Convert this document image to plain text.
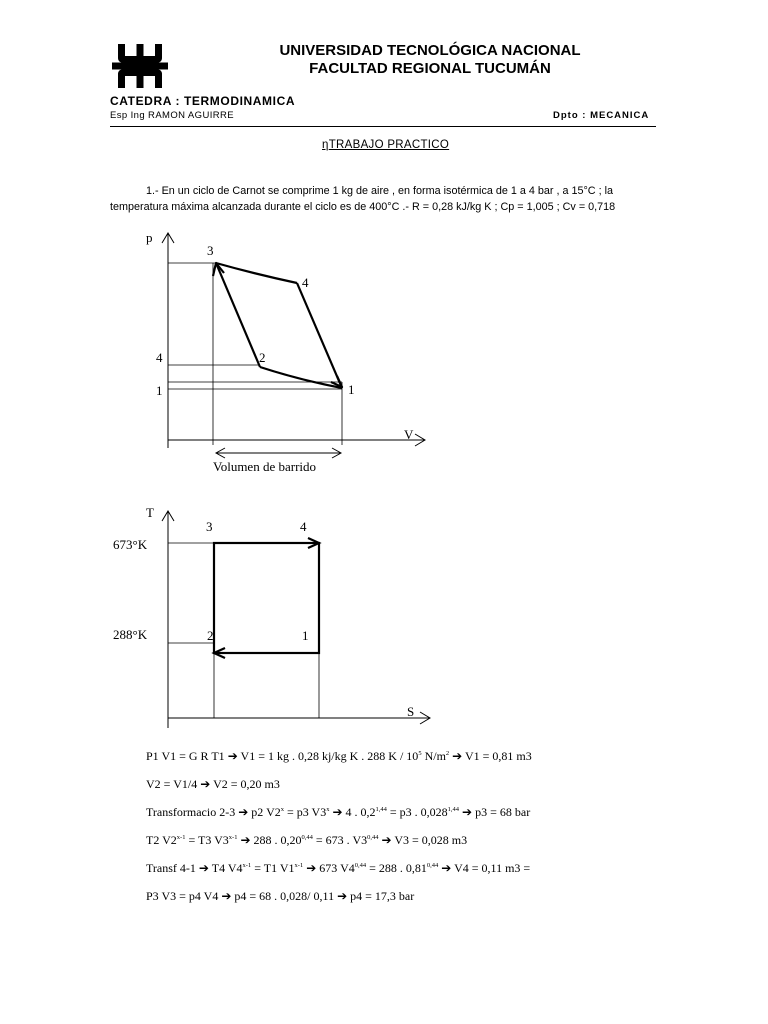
UNIVERSIDAD TECNOLÓGICA NACIONAL
FACULTAD REGIONAL TUCUMÁN
CATEDRA : TERMODINAMICA
Esp Ing RAMON AGUIRRE	Dpto : MECANICA
ηTRABAJO PRACTICO
1.- En un ciclo de Carnot se comprime 1 kg de aire , en forma isotérmica de 1 a 4 bar , a 15°C ; la
temperatura máxima alcanzada durante el ciclo es de 400°C .- R = 0,28 kJ/kg K ; Cp = 1,005 ; Cv = 0,718
p
V
4
1
3
4
2
1
Volumen de barrido
T
S
673°K
288°K
3	4
2	1
P1 V1 = G R T1 ➔ V1 = 1 kg . 0,28 kj/kg K . 288 K / $10^5$ $N/m^2$ ➔ V1 = 0,81 m3
V2 = V1/4 ➔ V2 = 0,20 m3
Transformacio 2-3 ➔ p2 $V2^x = p3$ V3$^x$ ➔ 4 . $0,2^{1,44} = p3$ . 0,028$^{1,44}$ ➔ p3 = 68 bar
T2 $V2^{x-1} = T3$ V3$^{x-1}$ ➔ 288 . $0,20^{0,44} = 673$ . V3$^{0,44}$ ➔ V3 = 0,028 m3
Transf 4-1 ➔ T4 $V4^{x-1} = T1$ V1$^{x-1}$ ➔ 673 $V4^{0,44} = 288$ . 0,81$^{0,44}$ ➔ V4 = 0,11 m3 =
P3 V3 = p4 V4 ➔ p4 = 68 . 0,028/ 0,11 ➔ p4 = 17,3 bar
